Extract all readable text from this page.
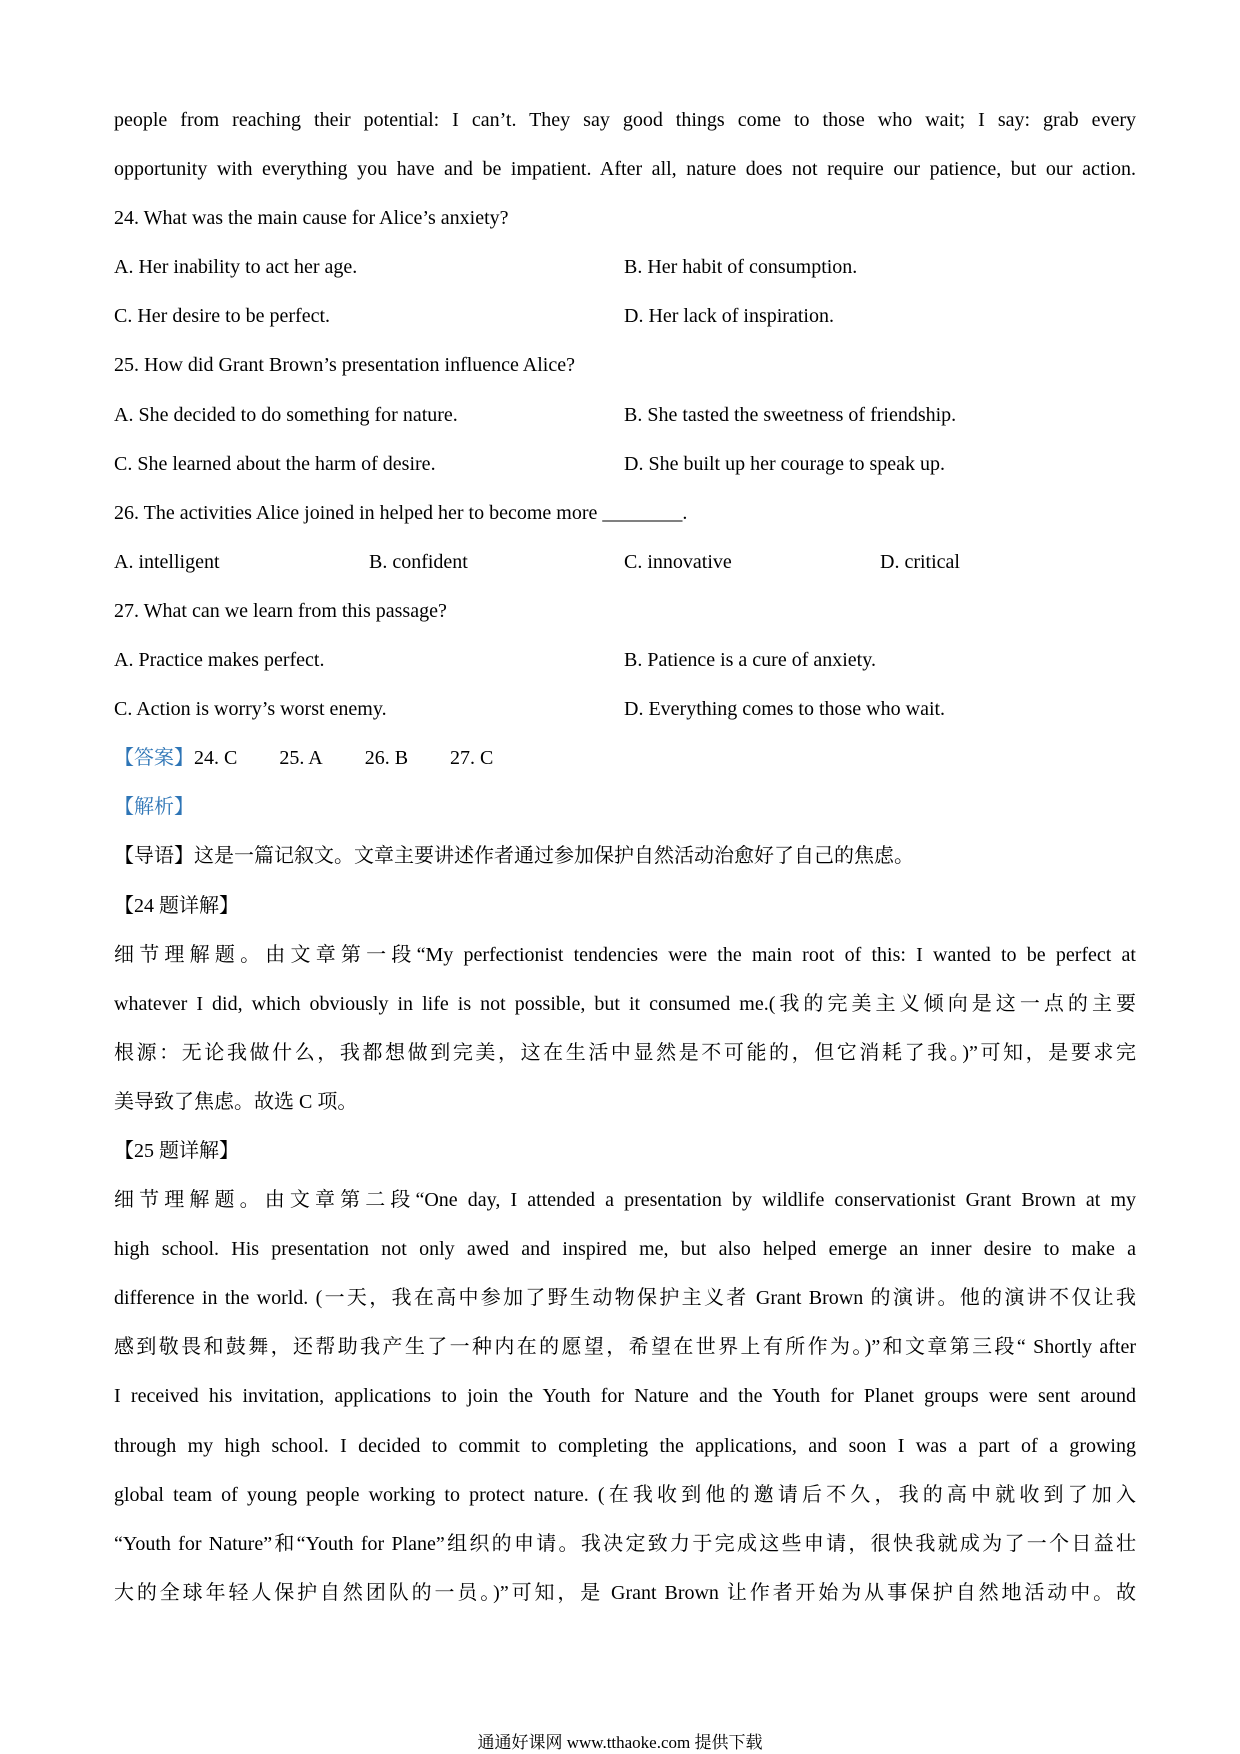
people from reaching their potential: I can’t. They say good things come to those who wait; I say: grab every
opportunity with everything you have and be impatient. After all, nature does not require our patience, but our action.
24. What was the main cause for Alice’s anxiety?
A. Her inability to act her age.	B. Her habit of consumption.
C. Her desire to be perfect.	D. Her lack of inspiration.
25. How did Grant Brown’s presentation influence Alice?
A. She decided to do something for nature.	B. She tasted the sweetness of friendship.
C. She learned about the harm of desire.	D. She built up her courage to speak up.
26. The activities Alice joined in helped her to become more ________.
A. intelligent	B. confident	C. innovative	D. critical
27. What can we learn from this passage?
A. Practice makes perfect.	B. Patience is a cure of anxiety.
C. Action is worry’s worst enemy.	D. Everything comes to those who wait.
【答案】24. C 25. A 26. B 27. C
【解析】
【导语】这是一篇记叙文。文章主要讲述作者通过参加保护自然活动治愈好了自己的焦虑。
【24 题详解】
细节理解题。由文章第一段“My perfectionist tendencies were the main root of this: I wanted to be perfect at
whatever I did, which obviously in life is not possible, but it consumed me.(我的完美主义倾向是这一点的主要
根源：无论我做什么，我都想做到完美，这在生活中显然是不可能的，但它消耗了我。)”可知，是要求完
美导致了焦虑。故选 C 项。
【25 题详解】
细节理解题。由文章第二段“One day, I attended a presentation by wildlife conservationist Grant Brown at my
high school. His presentation not only awed and inspired me, but also helped emerge an inner desire to make a
difference in the world. (一天，我在高中参加了野生动物保护主义者 Grant Brown 的演讲。他的演讲不仅让我
感到敬畏和鼓舞，还帮助我产生了一种内在的愿望，希望在世界上有所作为。)”和文章第三段“ Shortly after
I received his invitation, applications to join the Youth for Nature and the Youth for Planet groups were sent around
through my high school. I decided to commit to completing the applications, and soon I was a part of a growing
global team of young people working to protect nature. (在我收到他的邀请后不久，我的高中就收到了加入
“Youth for Nature”和“Youth for Plane”组织的申请。我决定致力于完成这些申请，很快我就成为了一个日益壮
大的全球年轻人保护自然团队的一员。)”可知，是 Grant Brown 让作者开始为从事保护自然地活动中。故
通通好课网 www.tthaoke.com 提供下载
